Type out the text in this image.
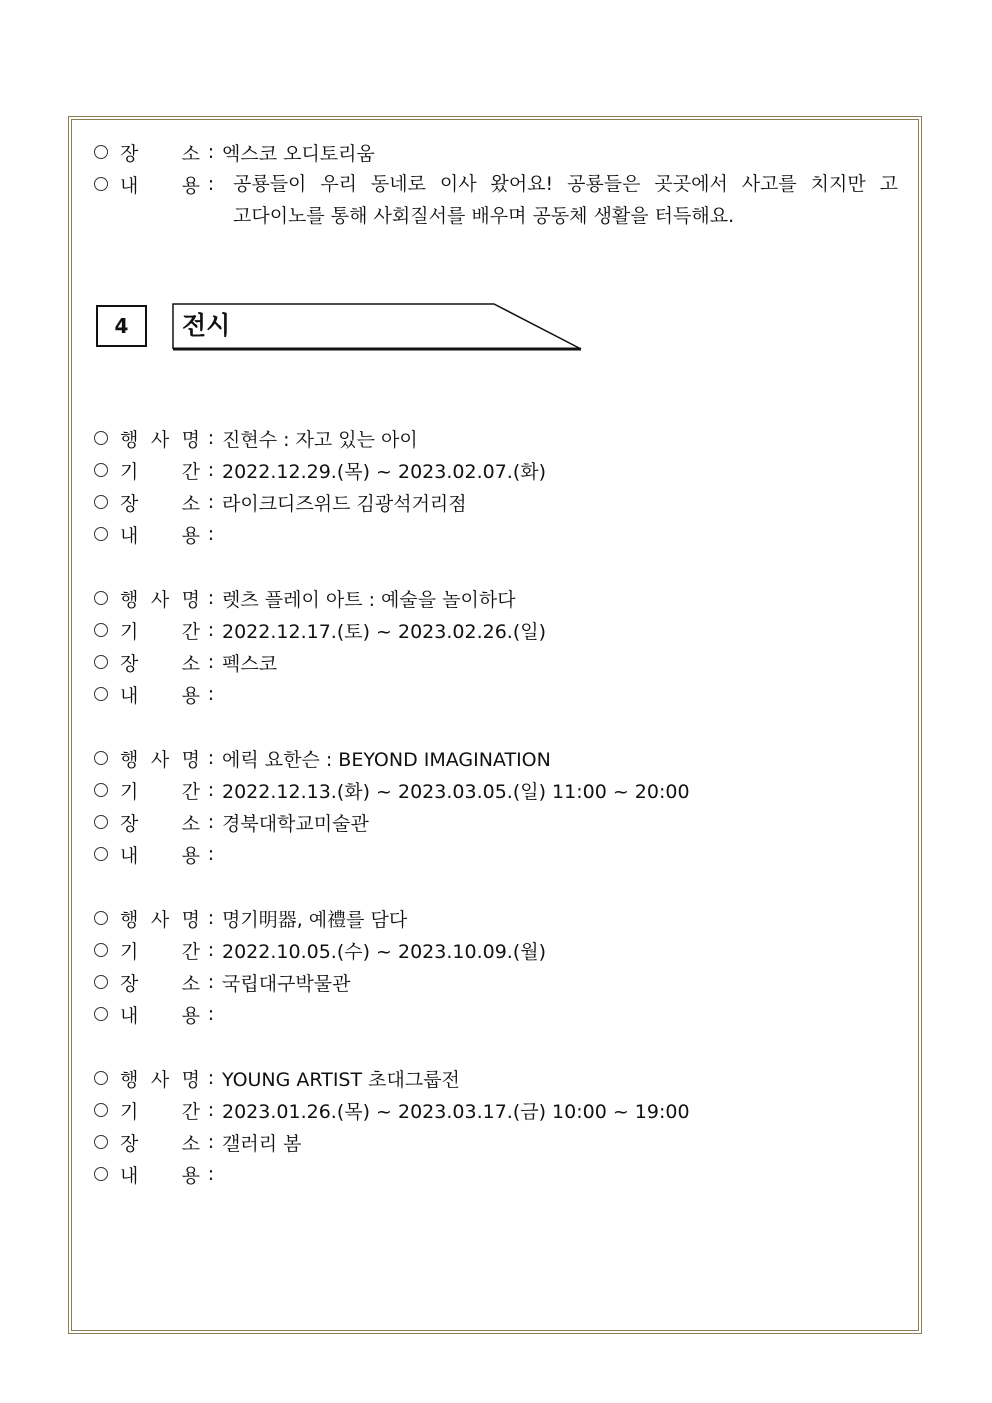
장 소 : 엑스코 오디토리움
내 용 : 공룡들이 우리 동네로 이사 왔어요! 공룡들은 곳곳에서 사고를 치지만 고
고다이노를 통해 사회질서를 배우며 공동체 생활을 터득해요.
4	전시
행 사 명 : 진현수 : 자고 있는 아이
기 간 : 2022.12.29.(목) ~ 2023.02.07.(화)
장 소 : 라이크디즈위드 김광석거리점
내 용 :
행 사 명 : 렛츠 플레이 아트 : 예술을 놀이하다
기 간 : 2022.12.17.(토) ~ 2023.02.26.(일)
장 소 : 펙스코
내 용 :
행 사 명 : 에릭 요한슨 : BEYOND IMAGINATION
기 간 : 2022.12.13.(화) ~ 2023.03.05.(일) 11:00 ~ 20:00
장 소 : 경북대학교미술관
내 용 :
행 사 명 : 명기明器, 예禮를 담다
기 간 : 2022.10.05.(수) ~ 2023.10.09.(월)
장 소 : 국립대구박물관
내 용 :
행 사 명 : YOUNG ARTIST 초대그룹전
기 간 : 2023.01.26.(목) ~ 2023.03.17.(금) 10:00 ~ 19:00
장 소 : 갤러리 봄
내 용 :
